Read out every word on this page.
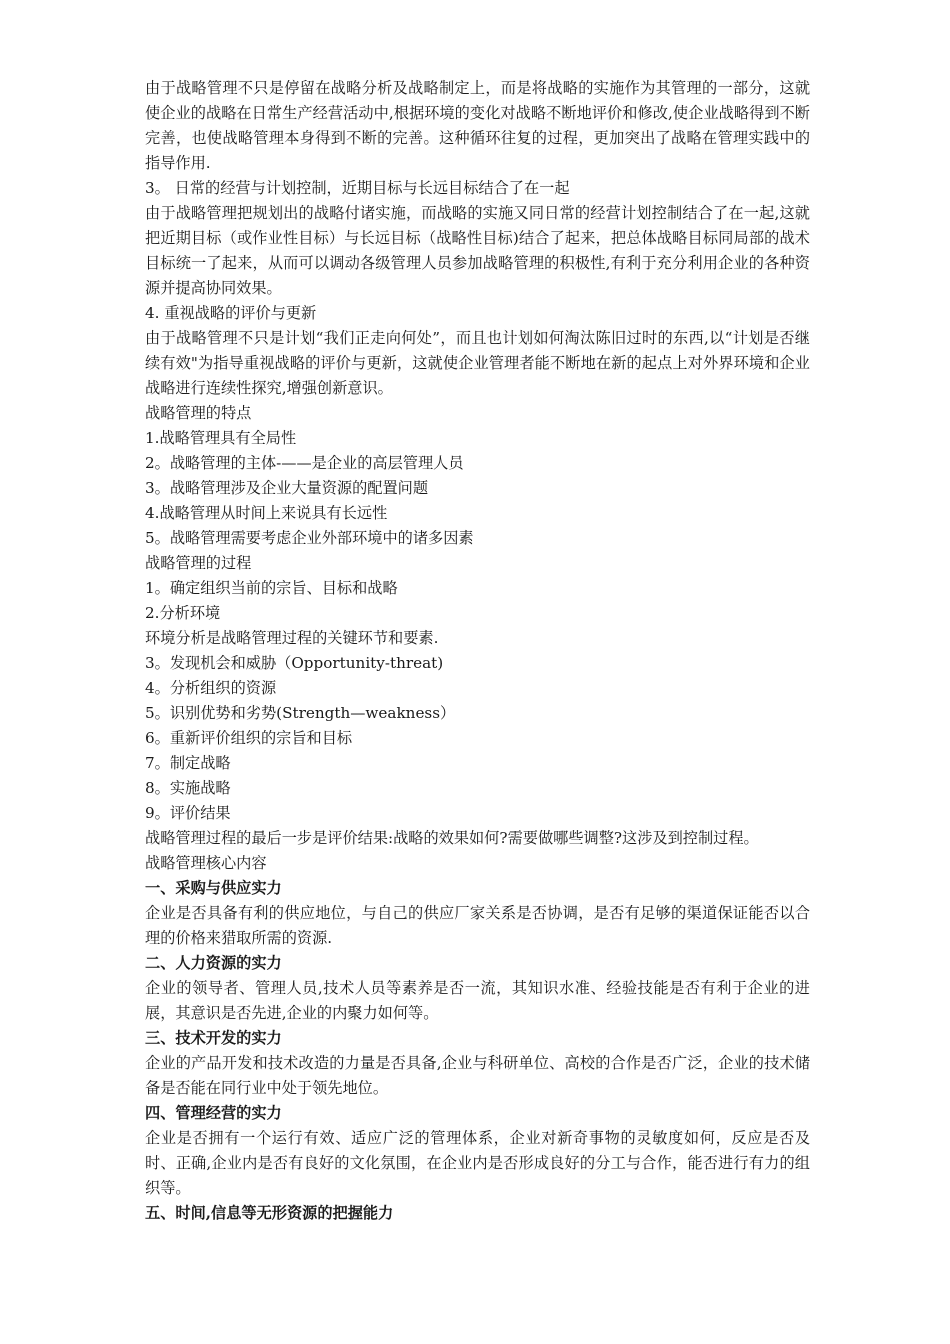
由于战略管理不只是停留在战略分析及战略制定上，而是将战略的实施作为其管理的一部分，这就使企业的战略在日常生产经营活动中,根据环境的变化对战略不断地评价和修改,使企业战略得到不断完善，也使战略管理本身得到不断的完善。这种循环往复的过程，更加突出了战略在管理实践中的指导作用.

3。 日常的经营与计划控制，近期目标与长远目标结合了在一起

由于战略管理把规划出的战略付诸实施，而战略的实施又同日常的经营计划控制结合了在一起,这就把近期目标（或作业性目标）与长远目标（战略性目标)结合了起来，把总体战略目标同局部的战术目标统一了起来，从而可以调动各级管理人员参加战略管理的积极性,有利于充分利用企业的各种资源并提高协同效果。

4. 重视战略的评价与更新

由于战略管理不只是计划“我们正走向何处”，而且也计划如何淘汰陈旧过时的东西,以“计划是否继续有效"为指导重视战略的评价与更新，这就使企业管理者能不断地在新的起点上对外界环境和企业战略进行连续性探究,增强创新意识。

战略管理的特点

1.战略管理具有全局性

2。战略管理的主体-——是企业的高层管理人员

3。战略管理涉及企业大量资源的配置问题

4.战略管理从时间上来说具有长远性

5。战略管理需要考虑企业外部环境中的诸多因素

战略管理的过程

1。确定组织当前的宗旨、目标和战略

2.分析环境

环境分析是战略管理过程的关键环节和要素.

3。发现机会和威胁（Opportunity-threat)

4。分析组织的资源

5。识别优势和劣势(Strength—weakness）

6。重新评价组织的宗旨和目标

7。制定战略

8。实施战略

9。评价结果

战略管理过程的最后一步是评价结果:战略的效果如何?需要做哪些调整?这涉及到控制过程。

战略管理核心内容

一、采购与供应实力

企业是否具备有利的供应地位，与自己的供应厂家关系是否协调，是否有足够的渠道保证能否以合理的价格来猎取所需的资源.

二、人力资源的实力

企业的领导者、管理人员,技术人员等素养是否一流，其知识水准、经验技能是否有利于企业的进展，其意识是否先进,企业的内聚力如何等。

三、技术开发的实力

企业的产品开发和技术改造的力量是否具备,企业与科研单位、高校的合作是否广泛，企业的技术储备是否能在同行业中处于领先地位。

四、管理经营的实力

企业是否拥有一个运行有效、适应广泛的管理体系，企业对新奇事物的灵敏度如何，反应是否及时、正确,企业内是否有良好的文化氛围，在企业内是否形成良好的分工与合作，能否进行有力的组织等。

五、时间,信息等无形资源的把握能力
